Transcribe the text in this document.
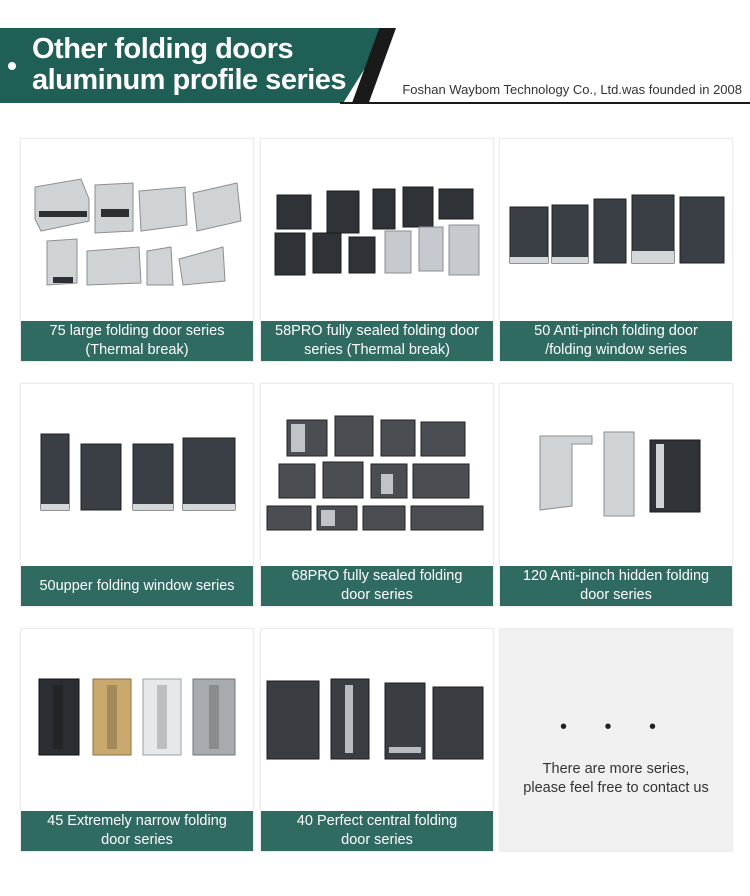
Other folding doors
aluminum profile series	Foshan Waybom Technology Co., Ltd.was founded in 2008
75 large folding door series
(Thermal break)
58PRO fully sealed folding door
series (Thermal break)
50 Anti-pinch folding door
/folding window series
50upper folding window series
68PRO fully sealed folding
door series
120 Anti-pinch hidden folding
door series
45 Extremely narrow folding
door series
40 Perfect central folding
door series
• • •
There are more series,
please feel free to contact us
